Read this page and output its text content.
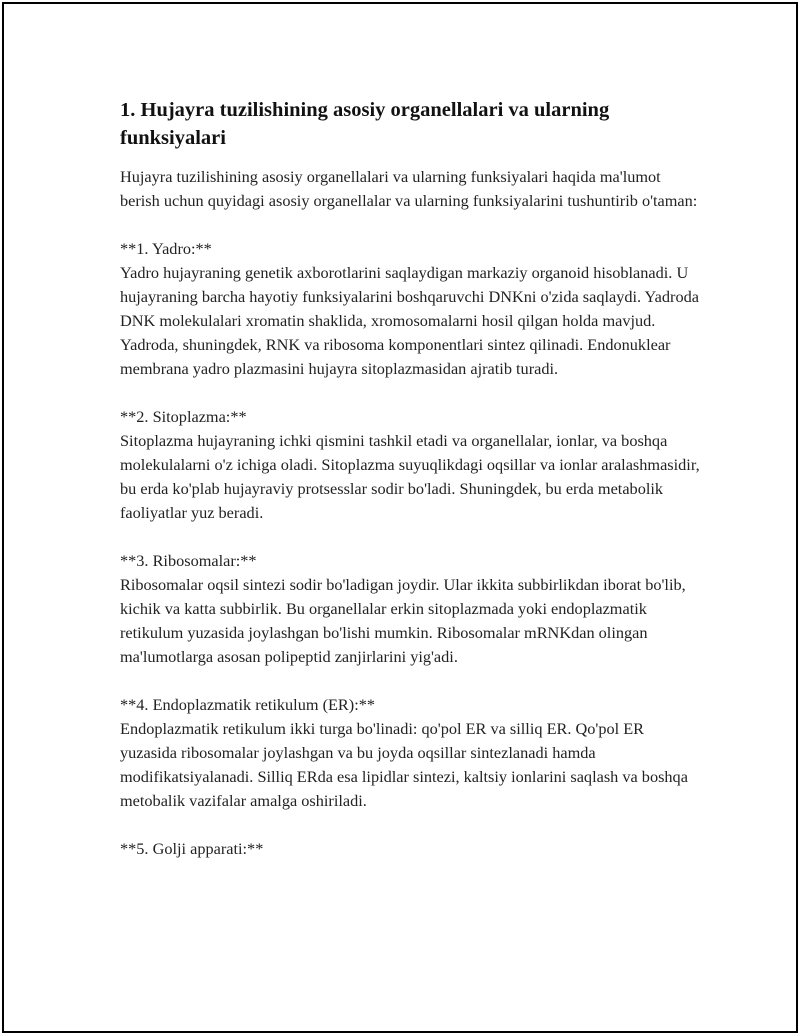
1. Hujayra tuzilishining asosiy organellalari va ularning funksiyalari

Hujayra tuzilishining asosiy organellalari va ularning funksiyalari haqida ma'lumot berish uchun quyidagi asosiy organellalar va ularning funksiyalarini tushuntirib o'taman:

**1. Yadro:**
Yadro hujayraning genetik axborotlarini saqlaydigan markaziy organoid hisoblanadi. U hujayraning barcha hayotiy funksiyalarini boshqaruvchi DNKni o'zida saqlaydi. Yadroda DNK molekulalari xromatin shaklida, xromosomalarni hosil qilgan holda mavjud. Yadroda, shuningdek, RNK va ribosoma komponentlari sintez qilinadi. Endonuklear membrana yadro plazmasini hujayra sitoplazmasidan ajratib turadi.

**2. Sitoplazma:**
Sitoplazma hujayraning ichki qismini tashkil etadi va organellalar, ionlar, va boshqa molekulalarni o'z ichiga oladi. Sitoplazma suyuqlikdagi oqsillar va ionlar aralashmasidir, bu erda ko'plab hujayraviy protsesslar sodir bo'ladi. Shuningdek, bu erda metabolik faoliyatlar yuz beradi.

**3. Ribosomalar:**
Ribosomalar oqsil sintezi sodir bo'ladigan joydir. Ular ikkita subbirlikdan iborat bo'lib, kichik va katta subbirlik. Bu organellalar erkin sitoplazmada yoki endoplazmatik retikulum yuzasida joylashgan bo'lishi mumkin. Ribosomalar mRNKdan olingan ma'lumotlarga asosan polipeptid zanjirlarini yig'adi.

**4. Endoplazmatik retikulum (ER):**
Endoplazmatik retikulum ikki turga bo'linadi: qo'pol ER va silliq ER. Qo'pol ER yuzasida ribosomalar joylashgan va bu joyda oqsillar sintezlanadi hamda modifikatsiyalanadi. Silliq ERda esa lipidlar sintezi, kaltsiy ionlarini saqlash va boshqa metobalik vazifalar amalga oshiriladi.

**5. Golji apparati:**
